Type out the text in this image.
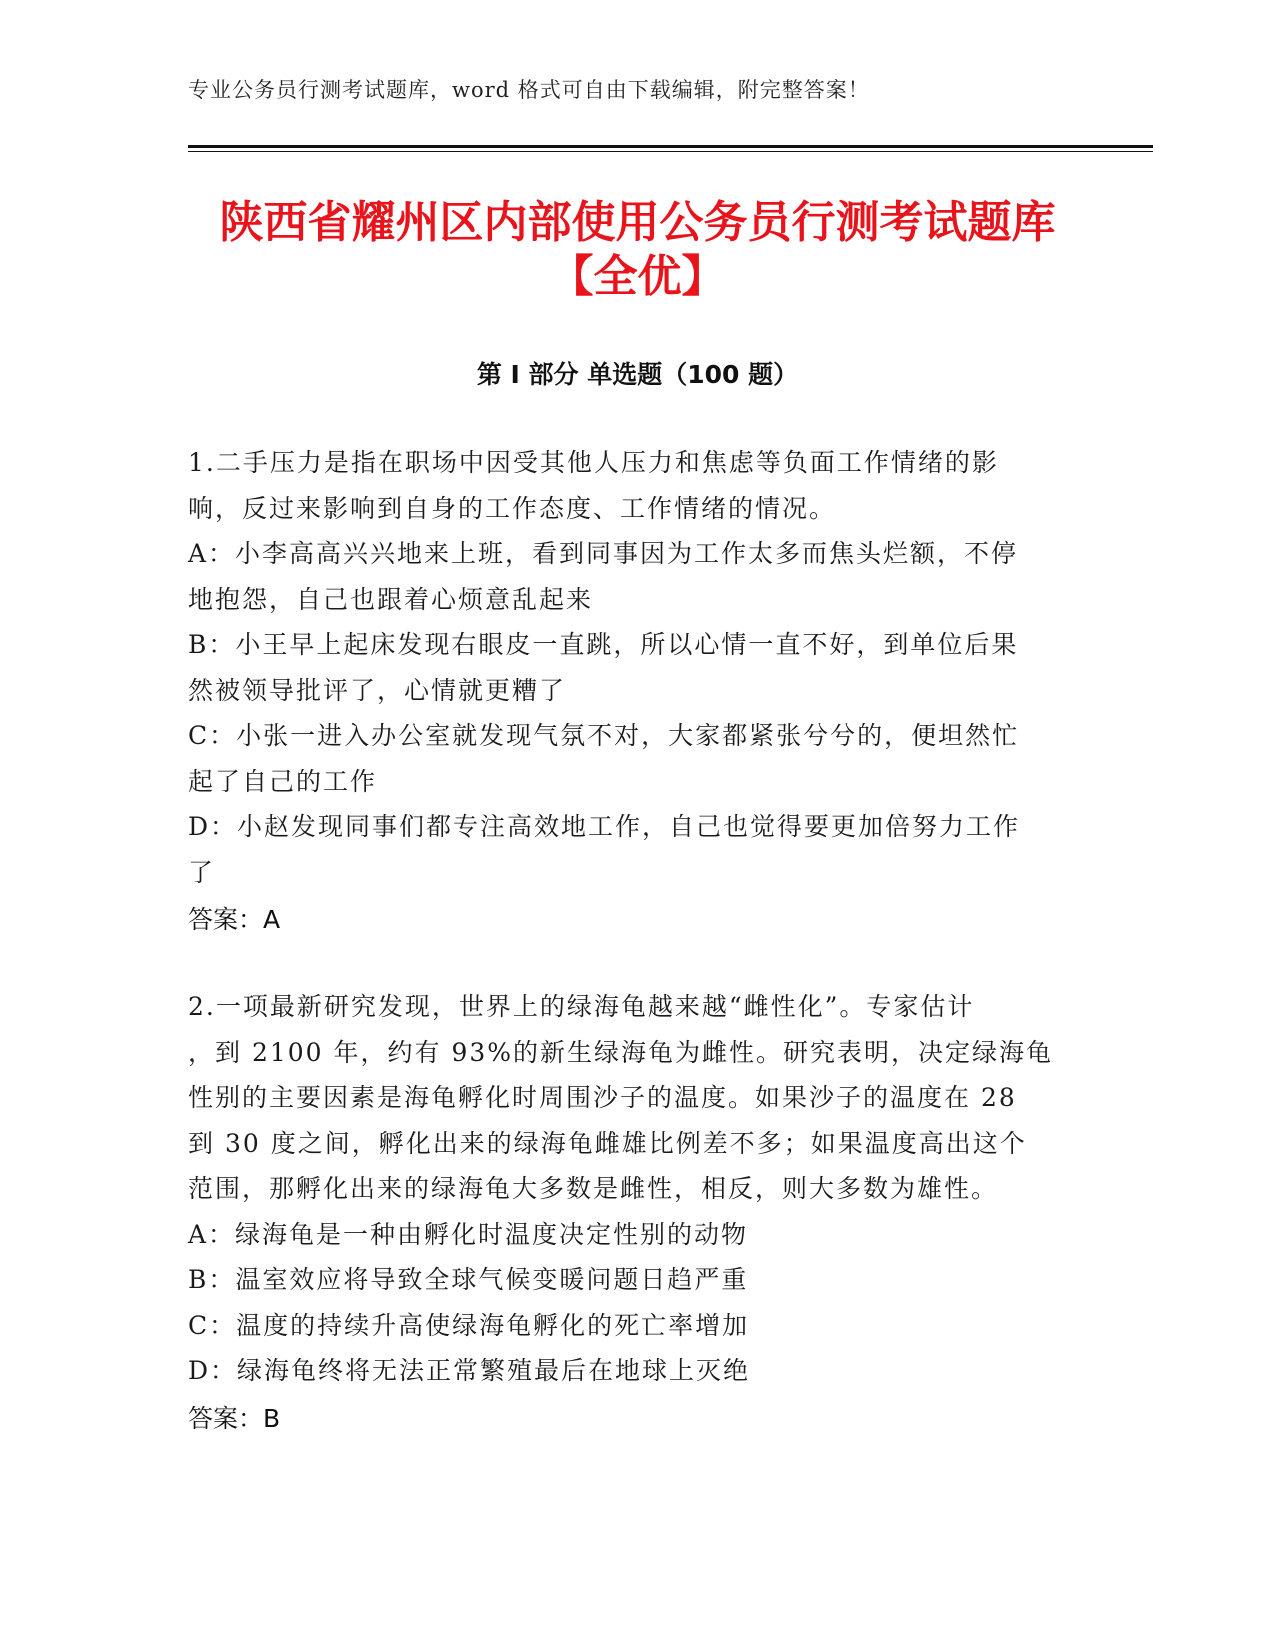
专业公务员行测考试题库，word 格式可自由下载编辑，附完整答案！
陕西省耀州区内部使用公务员行测考试题库
【全优】
第 I 部分 单选题（100 题）
1.二手压力是指在职场中因受其他人压力和焦虑等负面工作情绪的影
响，反过来影响到自身的工作态度、工作情绪的情况。
A：小李高高兴兴地来上班，看到同事因为工作太多而焦头烂额，不停
地抱怨，自己也跟着心烦意乱起来
B：小王早上起床发现右眼皮一直跳，所以心情一直不好，到单位后果
然被领导批评了，心情就更糟了
C：小张一进入办公室就发现气氛不对，大家都紧张兮兮的，便坦然忙
起了自己的工作
D：小赵发现同事们都专注高效地工作，自己也觉得要更加倍努力工作
了
答案：A
2.一项最新研究发现，世界上的绿海龟越来越“雌性化”。专家估计
，到 2100 年，约有 93%的新生绿海龟为雌性。研究表明，决定绿海龟
性别的主要因素是海龟孵化时周围沙子的温度。如果沙子的温度在 28
到 30 度之间，孵化出来的绿海龟雌雄比例差不多；如果温度高出这个
范围，那孵化出来的绿海龟大多数是雌性，相反，则大多数为雄性。
A：绿海龟是一种由孵化时温度决定性别的动物
B：温室效应将导致全球气候变暖问题日趋严重
C：温度的持续升高使绿海龟孵化的死亡率增加
D：绿海龟终将无法正常繁殖最后在地球上灭绝
答案：B
